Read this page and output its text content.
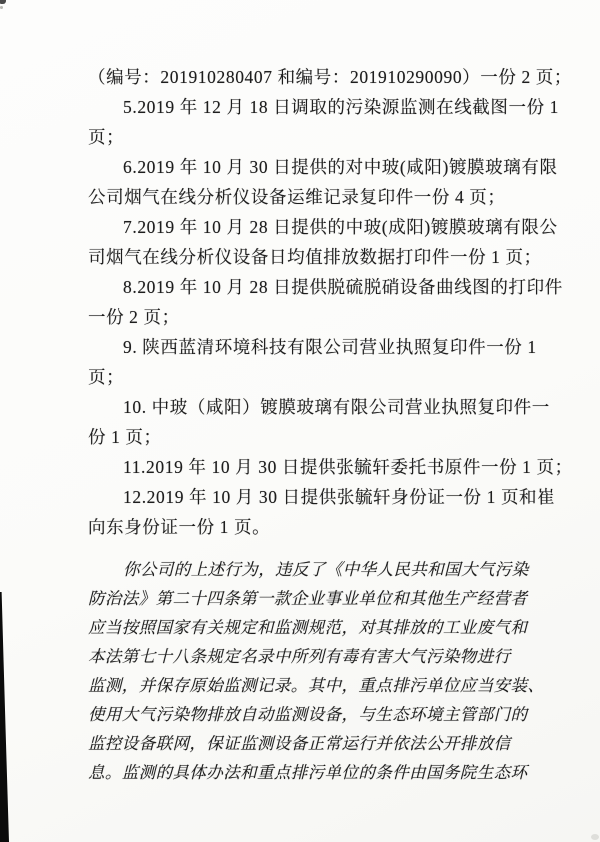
（编号：201910280407 和编号：201910290090）一份 2 页；
5.2019 年 12 月 18 日调取的污染源监测在线截图一份 1
页；
6.2019 年 10 月 30 日提供的对中玻(咸阳)镀膜玻璃有限
公司烟气在线分析仪设备运维记录复印件一份 4 页；
7.2019 年 10 月 28 日提供的中玻(成阳)镀膜玻璃有限公
司烟气在线分析仪设备日均值排放数据打印件一份 1 页；
8.2019 年 10 月 28 日提供脱硫脱硝设备曲线图的打印件
一份 2 页；
9. 陕西蓝清环境科技有限公司营业执照复印件一份 1
页；
10. 中玻（咸阳）镀膜玻璃有限公司营业执照复印件一
份 1 页；
11.2019 年 10 月 30 日提供张毓轩委托书原件一份 1 页；
12.2019 年 10 月 30 日提供张毓轩身份证一份 1 页和崔
向东身份证一份 1 页。
你公司的上述行为，违反了《中华人民共和国大气污染
防治法》第二十四条第一款企业事业单位和其他生产经营者
应当按照国家有关规定和监测规范，对其排放的工业废气和
本法第七十八条规定名录中所列有毒有害大气污染物进行
监测，并保存原始监测记录。其中，重点排污单位应当安装、
使用大气污染物排放自动监测设备，与生态环境主管部门的
监控设备联网，保证监测设备正常运行并依法公开排放信
息。监测的具体办法和重点排污单位的条件由国务院生态环
